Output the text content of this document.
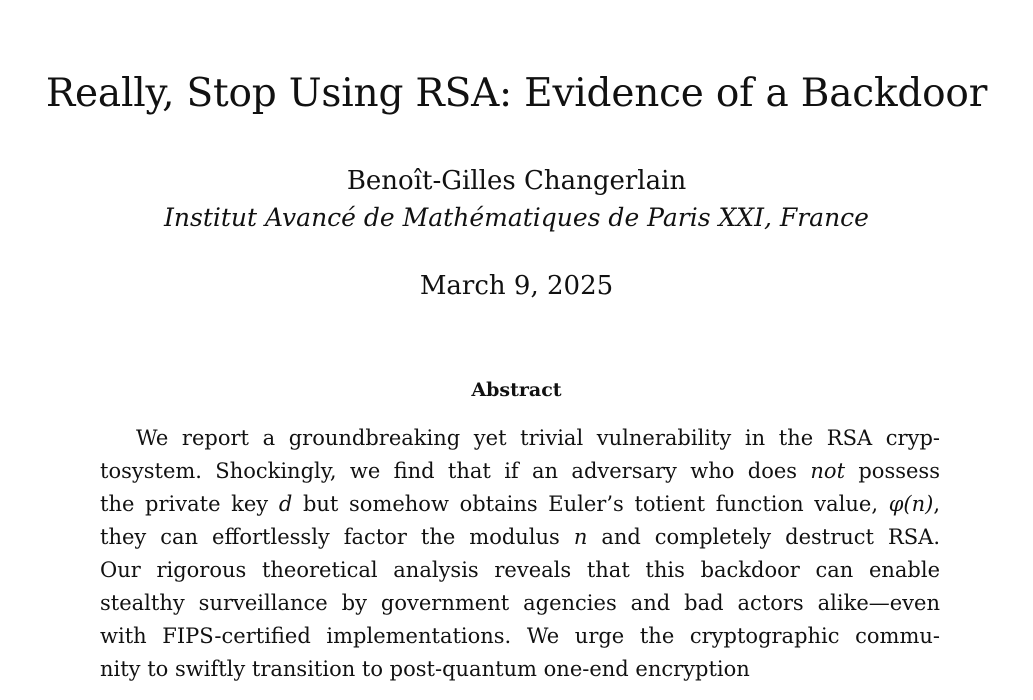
Really, Stop Using RSA: Evidence of a Backdoor
Benoît-Gilles Changerlain
Institut Avancé de Mathématiques de Paris XXI, France
March 9, 2025
Abstract
We report a groundbreaking yet trivial vulnerability in the RSA cryp-
tosystem. Shockingly, we find that if an adversary who does not possess
the private key d but somehow obtains Euler’s totient function value, φ(n),
they can effortlessly factor the modulus n and completely destruct RSA.
Our rigorous theoretical analysis reveals that this backdoor can enable
stealthy surveillance by government agencies and bad actors alike—even
with FIPS-certified implementations. We urge the cryptographic commu-
nity to swiftly transition to post-quantum one-end encryption
